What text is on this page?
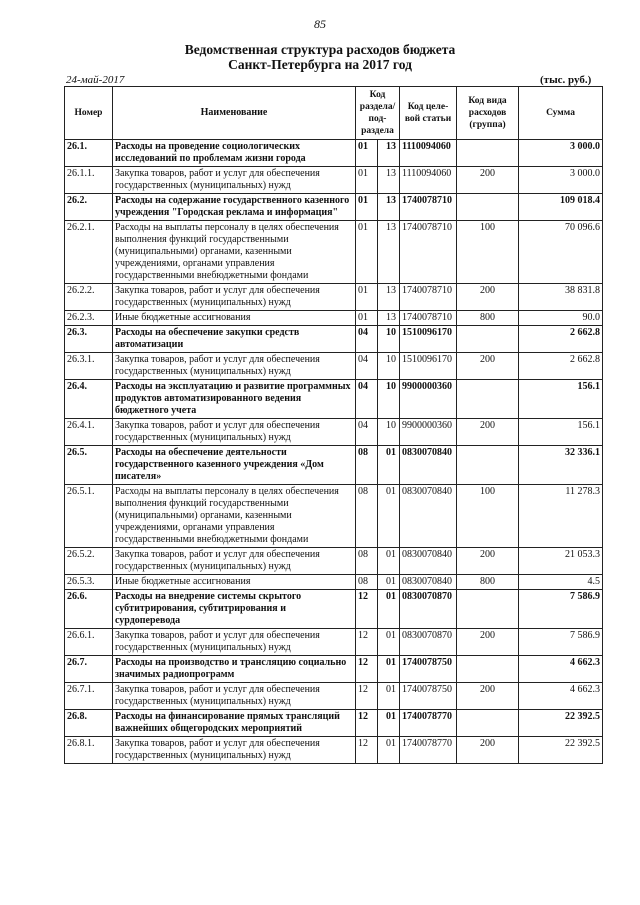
85
Ведомственная структура расходов бюджета
Санкт-Петербурга на 2017 год
24-май-2017	(тыс. руб.)
Номер	Наименование	Код раздела/ под-раздела		Код целе-вой статьи	Код вида расходов (группа)	Сумма
26.1.	Расходы на проведение социологических исследований по проблемам жизни города	01	13	1110094060		3 000.0
26.1.1.	Закупка товаров, работ и услуг для обеспечения государственных (муниципальных) нужд	01	13	1110094060	200	3 000.0
26.2.	Расходы на содержание государственного казенного учреждения "Городская реклама и информация"	01	13	1740078710		109 018.4
26.2.1.	Расходы на выплаты персоналу в целях обеспечения выполнения функций государственными (муниципальными) органами, казенными учреждениями, органами управления государственными внебюджетными фондами	01	13	1740078710	100	70 096.6
26.2.2.	Закупка товаров, работ и услуг для обеспечения государственных (муниципальных) нужд	01	13	1740078710	200	38 831.8
26.2.3.	Иные бюджетные ассигнования	01	13	1740078710	800	90.0
26.3.	Расходы на обеспечение закупки средств автоматизации	04	10	1510096170		2 662.8
26.3.1.	Закупка товаров, работ и услуг для обеспечения государственных (муниципальных) нужд	04	10	1510096170	200	2 662.8
26.4.	Расходы на эксплуатацию и развитие программных продуктов автоматизированного ведения бюджетного учета	04	10	9900000360		156.1
26.4.1.	Закупка товаров, работ и услуг для обеспечения государственных (муниципальных) нужд	04	10	9900000360	200	156.1
26.5.	Расходы на обеспечение деятельности государственного казенного учреждения «Дом писателя»	08	01	0830070840		32 336.1
26.5.1.	Расходы на выплаты персоналу в целях обеспечения выполнения функций государственными (муниципальными) органами, казенными учреждениями, органами управления государственными внебюджетными фондами	08	01	0830070840	100	11 278.3
26.5.2.	Закупка товаров, работ и услуг для обеспечения государственных (муниципальных) нужд	08	01	0830070840	200	21 053.3
26.5.3.	Иные бюджетные ассигнования	08	01	0830070840	800	4.5
26.6.	Расходы на внедрение системы скрытого субтитрирования, субтитрирования и сурдоперевода	12	01	0830070870		7 586.9
26.6.1.	Закупка товаров, работ и услуг для обеспечения государственных (муниципальных) нужд	12	01	0830070870	200	7 586.9
26.7.	Расходы на производство и трансляцию социально значимых радиопрограмм	12	01	1740078750		4 662.3
26.7.1.	Закупка товаров, работ и услуг для обеспечения государственных (муниципальных) нужд	12	01	1740078750	200	4 662.3
26.8.	Расходы на финансирование прямых трансляций важнейших общегородских мероприятий	12	01	1740078770		22 392.5
26.8.1.	Закупка товаров, работ и услуг для обеспечения государственных (муниципальных) нужд	12	01	1740078770	200	22 392.5
